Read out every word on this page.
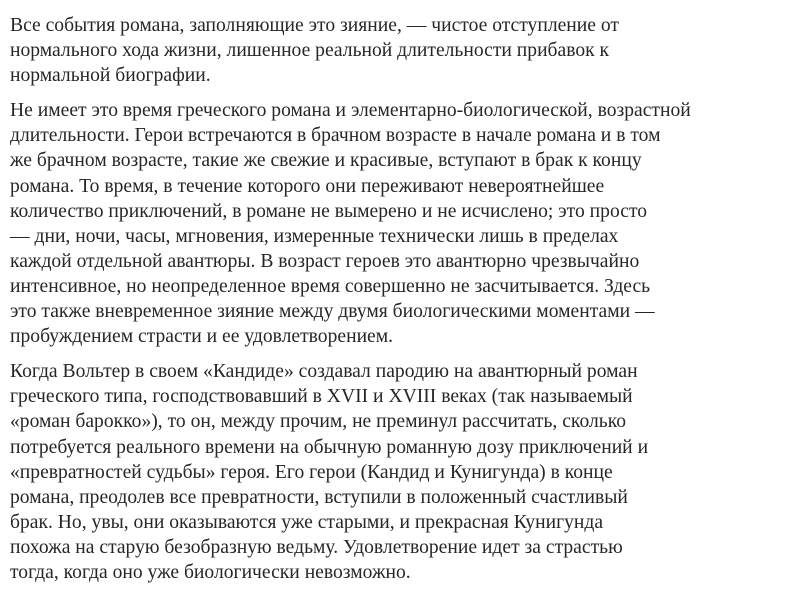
Все события романа, заполняющие это зияние, — чистое отступление от
нормального хода жизни, лишенное реальной длительности прибавок к
нормальной биографии.
Не имеет это время греческого романа и элементарно-биологической, возрастной
длительности. Герои встречаются в брачном возрасте в начале романа и в том
же брачном возрасте, такие же свежие и красивые, вступают в брак к концу
романа. То время, в течение которого они переживают невероятнейшее
количество приключений, в романе не вымерено и не исчислено; это просто
— дни, ночи, часы, мгновения, измеренные технически лишь в пределах
каждой отдельной авантюры. В возраст героев это авантюрно чрезвычайно
интенсивное, но неопределенное время совершенно не засчитывается. Здесь
это также вневременное зияние между двумя биологическими моментами —
пробуждением страсти и ее удовлетворением.
Когда Вольтер в своем «Кандиде» создавал пародию на авантюрный роман
греческого типа, господствовавший в XVII и XVIII веках (так называемый
«роман барокко»), то он, между прочим, не преминул рассчитать, сколько
потребуется реального времени на обычную романную дозу приключений и
«превратностей судьбы» героя. Его герои (Кандид и Кунигунда) в конце
романа, преодолев все превратности, вступили в положенный счастливый
брак. Но, увы, они оказываются уже старыми, и прекрасная Кунигунда
похожа на старую безобразную ведьму. Удовлетворение идет за страстью
тогда, когда оно уже биологически невозможно.
